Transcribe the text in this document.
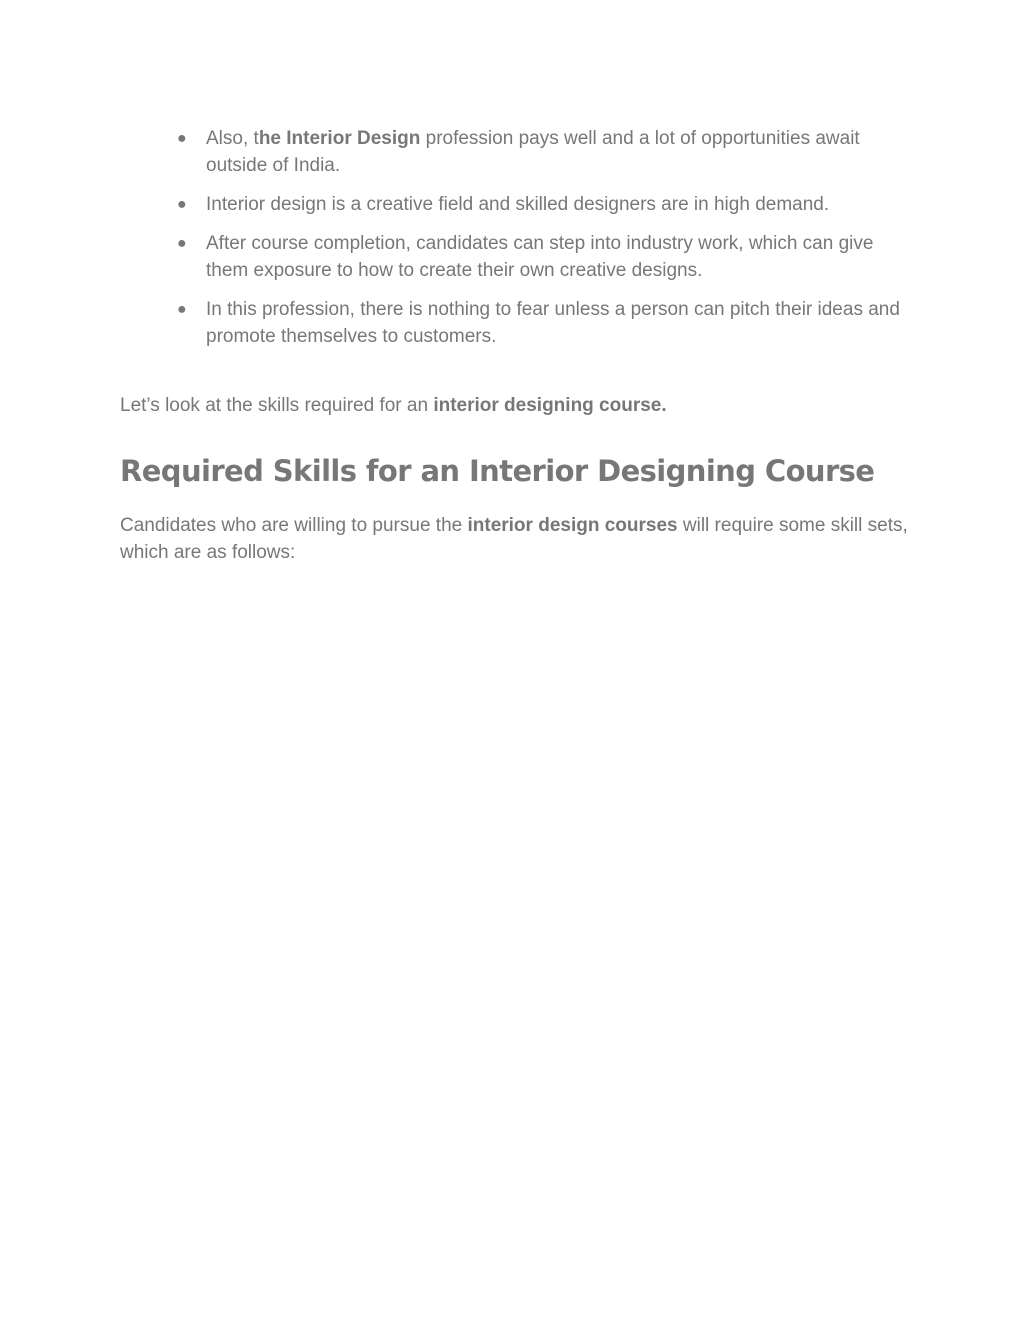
● Also, the Interior Design profession pays well and a lot of opportunities await outside of India.
● Interior design is a creative field and skilled designers are in high demand.
● After course completion, candidates can step into industry work, which can give them exposure to how to create their own creative designs.
● In this profession, there is nothing to fear unless a person can pitch their ideas and promote themselves to customers.

Let’s look at the skills required for an interior designing course.

Required Skills for an Interior Designing Course

Candidates who are willing to pursue the interior design courses will require some skill sets, which are as follows:
